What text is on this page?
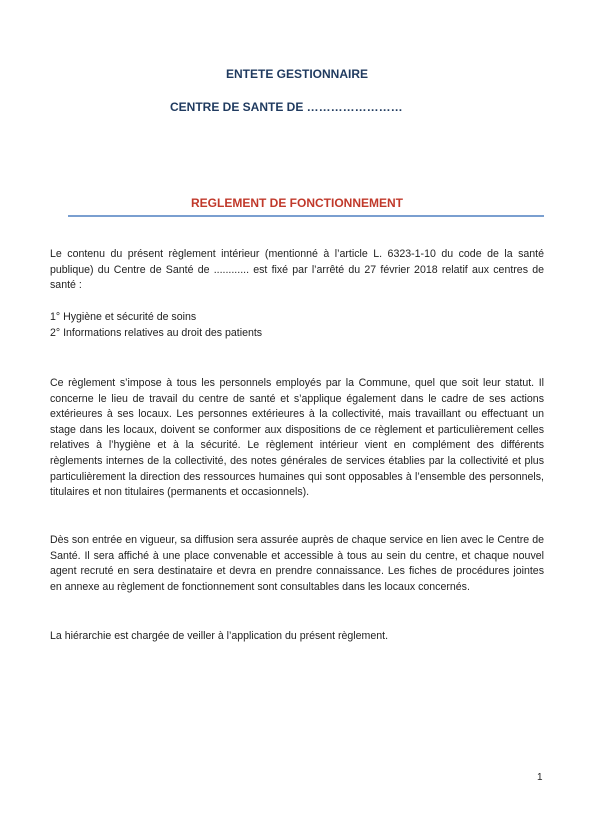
ENTETE GESTIONNAIRE
CENTRE DE SANTE DE ……………………
REGLEMENT DE FONCTIONNEMENT

Le contenu du présent règlement intérieur (mentionné à l’article L. 6323-1-10 du code de la santé publique) du Centre de Santé de ............ est fixé par l’arrêté du 27 février 2018 relatif aux centres de santé :

1° Hygiène et sécurité de soins
2° Informations relatives au droit des patients

Ce règlement s’impose à tous les personnels employés par la Commune, quel que soit leur statut. Il concerne le lieu de travail du centre de santé et s’applique également dans le cadre de ses actions extérieures à ses locaux. Les personnes extérieures à la collectivité, mais travaillant ou effectuant un stage dans les locaux, doivent se conformer aux dispositions de ce règlement et particulièrement celles relatives à l’hygiène et à la sécurité. Le règlement intérieur vient en complément des différents règlements internes de la collectivité, des notes générales de services établies par la collectivité et plus particulièrement la direction des ressources humaines qui sont opposables à l’ensemble des personnels, titulaires et non titulaires (permanents et occasionnels).

Dès son entrée en vigueur, sa diffusion sera assurée auprès de chaque service en lien avec le Centre de Santé. Il sera affiché à une place convenable et accessible à tous au sein du centre, et chaque nouvel agent recruté en sera destinataire et devra en prendre connaissance. Les fiches de procédures jointes en annexe au règlement de fonctionnement sont consultables dans les locaux concernés.

La hiérarchie est chargée de veiller à l’application du présent règlement.

1
